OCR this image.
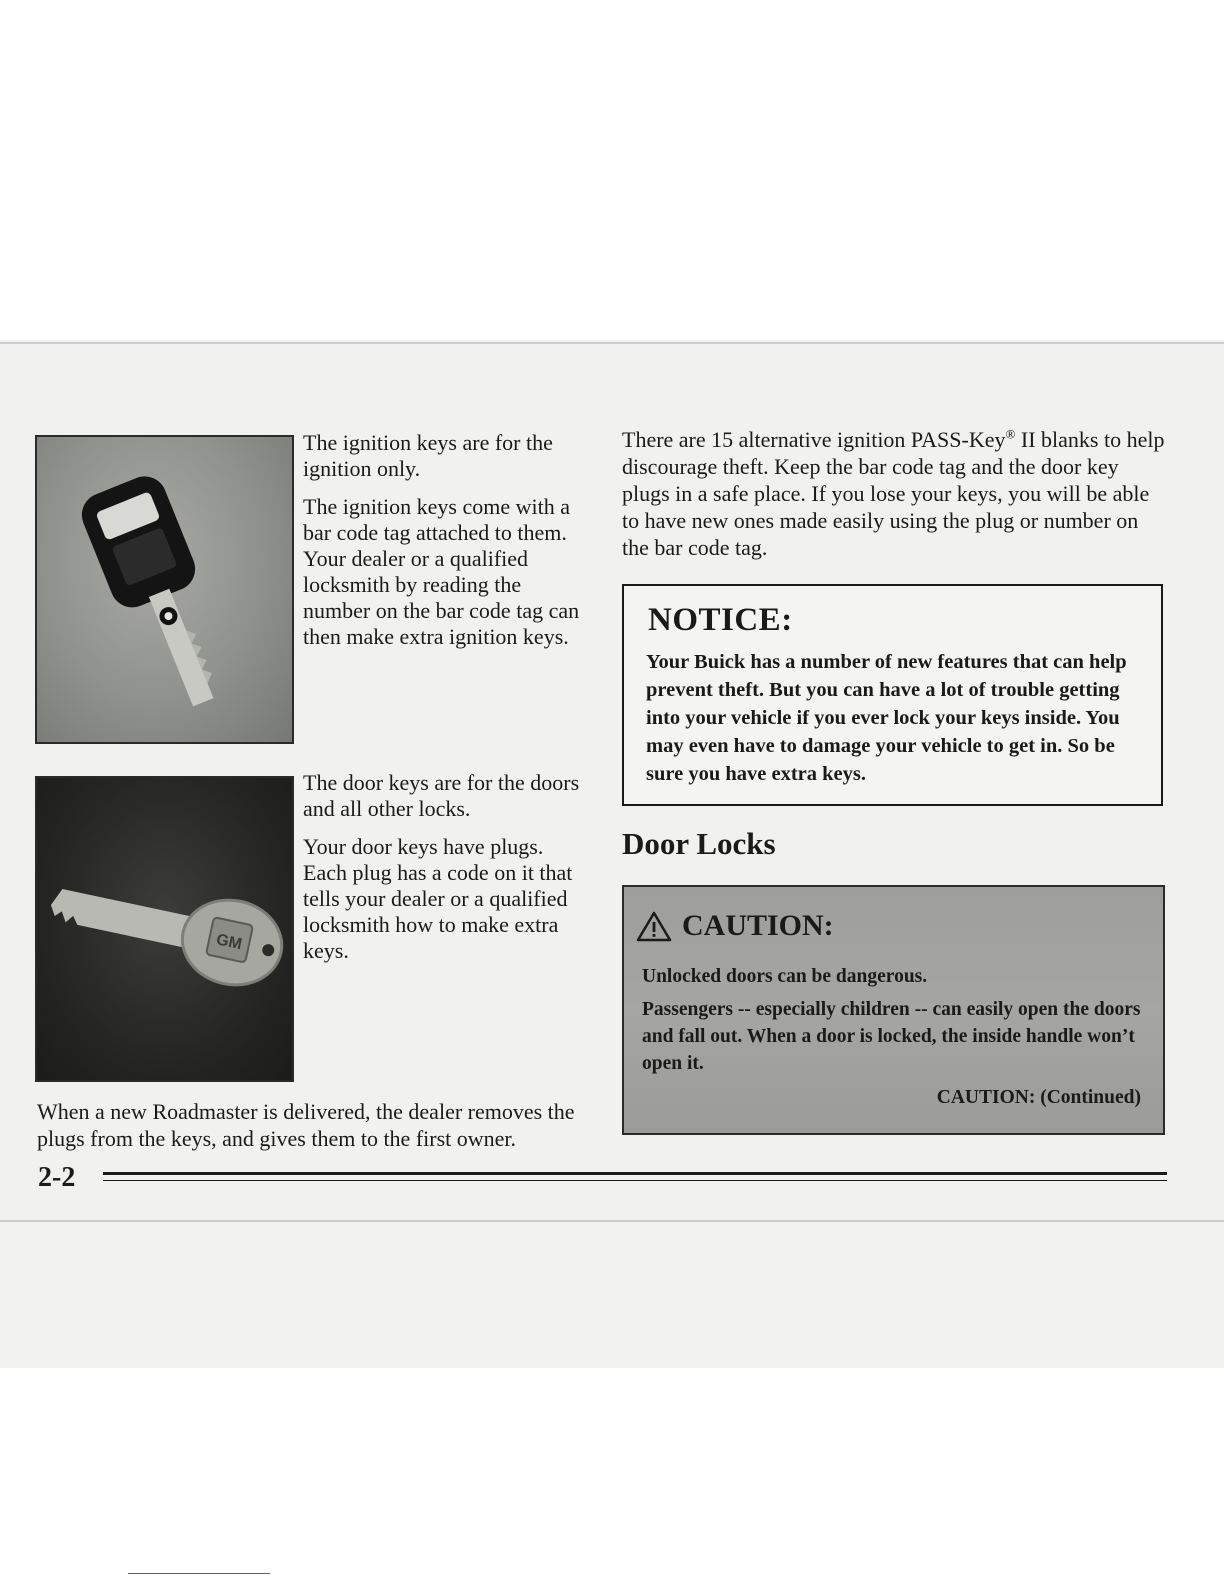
The ignition keys are for the ignition only.

The ignition keys come with a bar code tag attached to them. Your dealer or a qualified locksmith by reading the number on the bar code tag can then make extra ignition keys.

GM

The door keys are for the doors and all other locks.

Your door keys have plugs. Each plug has a code on it that tells your dealer or a qualified locksmith how to make extra keys.

When a new Roadmaster is delivered, the dealer removes the plugs from the keys, and gives them to the first owner.

There are 15 alternative ignition PASS-Key® II blanks to help discourage theft. Keep the bar code tag and the door key plugs in a safe place. If you lose your keys, you will be able to have new ones made easily using the plug or number on the bar code tag.

NOTICE:

Your Buick has a number of new features that can help prevent theft. But you can have a lot of trouble getting into your vehicle if you ever lock your keys inside. You may even have to damage your vehicle to get in. So be sure you have extra keys.

Door Locks
CAUTION:

Unlocked doors can be dangerous.

Passengers -- especially children -- can easily open the doors and fall out. When a door is locked, the inside handle won’t open it.

CAUTION: (Continued)

2-2
